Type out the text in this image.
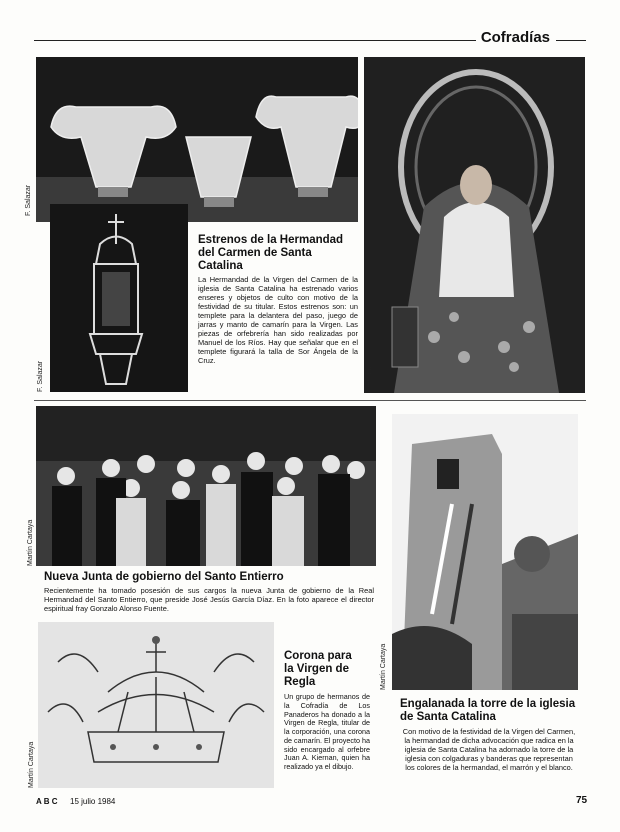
Cofradías
F. Salazar
F. Salazar
Estrenos de la Hermandad del Carmen de Santa Catalina
La Hermandad de la Virgen del Carmen de la iglesia de Santa Catalina ha estrenado varios enseres y objetos de culto con motivo de la festividad de su titular. Estos estrenos son: un templete para la delantera del paso, juego de jarras y manto de camarín para la Virgen. Las piezas de orfebrería han sido realizadas por Manuel de los Ríos. Hay que señalar que en el templete figurará la talla de Sor Ángela de la Cruz.
Serrano
Martín Cartaya
Nueva Junta de gobierno del Santo Entierro
Recientemente ha tomado posesión de sus cargos la nueva Junta de gobierno de la Real Hermandad del Santo Entierro, que preside José Jesús García Díaz. En la foto aparece el director espiritual fray Gonzalo Alonso Fuente.
Martín Cartaya
Engalanada la torre de la iglesia de Santa Catalina
Con motivo de la festividad de la Virgen del Carmen, la hermandad de dicha advocación que radica en la iglesia de Santa Catalina ha adornado la torre de la iglesia con colgaduras y banderas que representan los colores de la hermandad, el marrón y el blanco.
Martín Cartaya
Corona para la Virgen de Regla
Un grupo de hermanos de la Cofradía de Los Panaderos ha donado a la Virgen de Regla, titular de la corporación, una corona de camarín. El proyecto ha sido encargado al orfebre Juan A. Kiernan, quien ha realizado ya el dibujo.
A B C 15 julio 1984	75
